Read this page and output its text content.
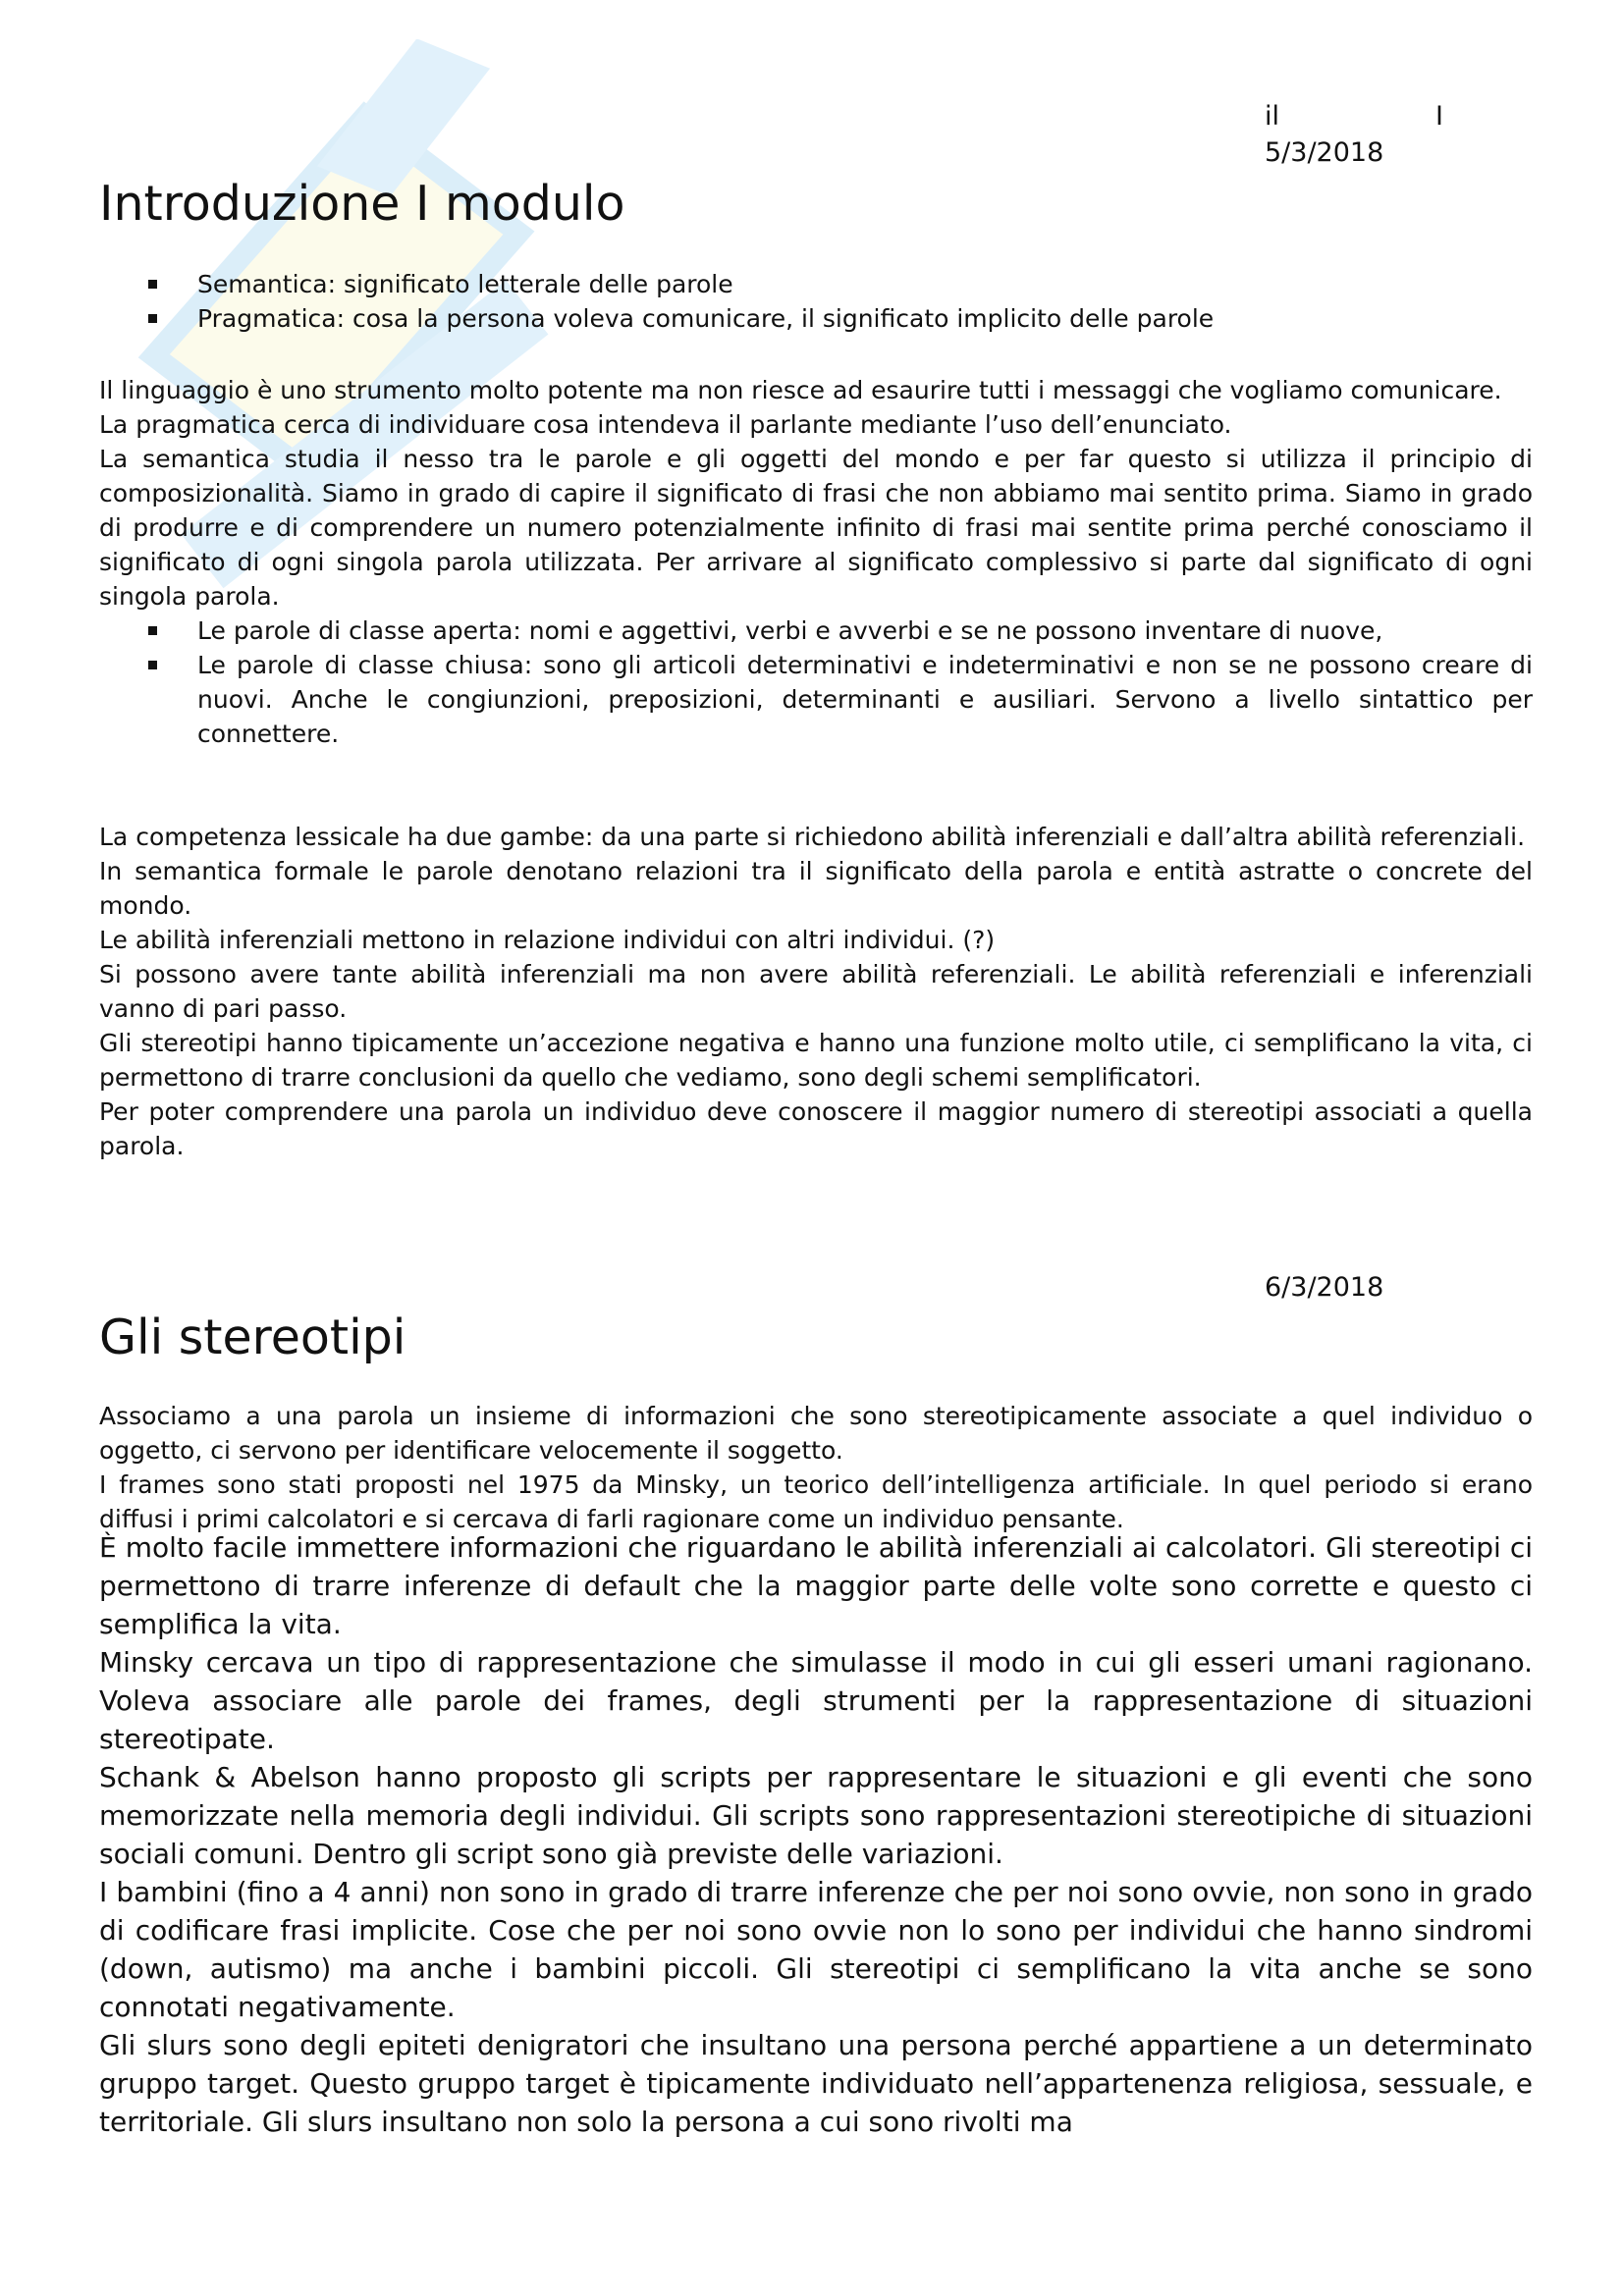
il	I
5/3/2018
Introduzione I modulo
Semantica: significato letterale delle parole
Pragmatica: cosa la persona voleva comunicare, il significato implicito delle parole

Il linguaggio è uno strumento molto potente ma non riesce ad esaurire tutti i messaggi che vogliamo comunicare.

La pragmatica cerca di individuare cosa intendeva il parlante mediante l’uso dell’enunciato.

La semantica studia il nesso tra le parole e gli oggetti del mondo e per far questo si utilizza il principio di composizionalità. Siamo in grado di capire il significato di frasi che non abbiamo mai sentito prima. Siamo in grado di produrre e di comprendere un numero potenzialmente infinito di frasi mai sentite prima perché conosciamo il significato di ogni singola parola utilizzata. Per arrivare al significato complessivo si parte dal significato di ogni singola parola.

Le parole di classe aperta: nomi e aggettivi, verbi e avverbi e se ne possono inventare di nuove,
Le parole di classe chiusa: sono gli articoli determinativi e indeterminativi e non se ne possono creare di nuovi. Anche le congiunzioni, preposizioni, determinanti e ausiliari. Servono a livello sintattico per connettere.

La competenza lessicale ha due gambe: da una parte si richiedono abilità inferenziali e dall’altra abilità referenziali.

In semantica formale le parole denotano relazioni tra il significato della parola e entità astratte o concrete del mondo.

Le abilità inferenziali mettono in relazione individui con altri individui. (?)

Si possono avere tante abilità inferenziali ma non avere abilità referenziali. Le abilità referenziali e inferenziali vanno di pari passo.

Gli stereotipi hanno tipicamente un’accezione negativa e hanno una funzione molto utile, ci semplificano la vita, ci permettono di trarre conclusioni da quello che vediamo, sono degli schemi semplificatori.

Per poter comprendere una parola un individuo deve conoscere il maggior numero di stereotipi associati a quella parola.

Gli stereotipi

Associamo a una parola un insieme di informazioni che sono stereotipicamente associate a quel individuo o oggetto, ci servono per identificare velocemente il soggetto.

I frames sono stati proposti nel 1975 da Minsky, un teorico dell’intelligenza artificiale. In quel periodo si erano diffusi i primi calcolatori e si cercava di farli ragionare come un individuo pensante.

È molto facile immettere informazioni che riguardano le abilità inferenziali ai calcolatori. Gli stereotipi ci permettono di trarre inferenze di default che la maggior parte delle volte sono corrette e questo ci semplifica la vita.

Minsky cercava un tipo di rappresentazione che simulasse il modo in cui gli esseri umani ragionano. Voleva associare alle parole dei frames, degli strumenti per la rappresentazione di situazioni stereotipate.

Schank & Abelson hanno proposto gli scripts per rappresentare le situazioni e gli eventi che sono memorizzate nella memoria degli individui. Gli scripts sono rappresentazioni stereotipiche di situazioni sociali comuni. Dentro gli script sono già previste delle variazioni.

I bambini (fino a 4 anni) non sono in grado di trarre inferenze che per noi sono ovvie, non sono in grado di codificare frasi implicite. Cose che per noi sono ovvie non lo sono per individui che hanno sindromi (down, autismo) ma anche i bambini piccoli. Gli stereotipi ci semplificano la vita anche se sono connotati negativamente.

Gli slurs sono degli epiteti denigratori che insultano una persona perché appartiene a un determinato gruppo target. Questo gruppo target è tipicamente individuato nell’appartenenza religiosa, sessuale, e territoriale. Gli slurs insultano non solo la persona a cui sono rivolti ma

6/3/2018
